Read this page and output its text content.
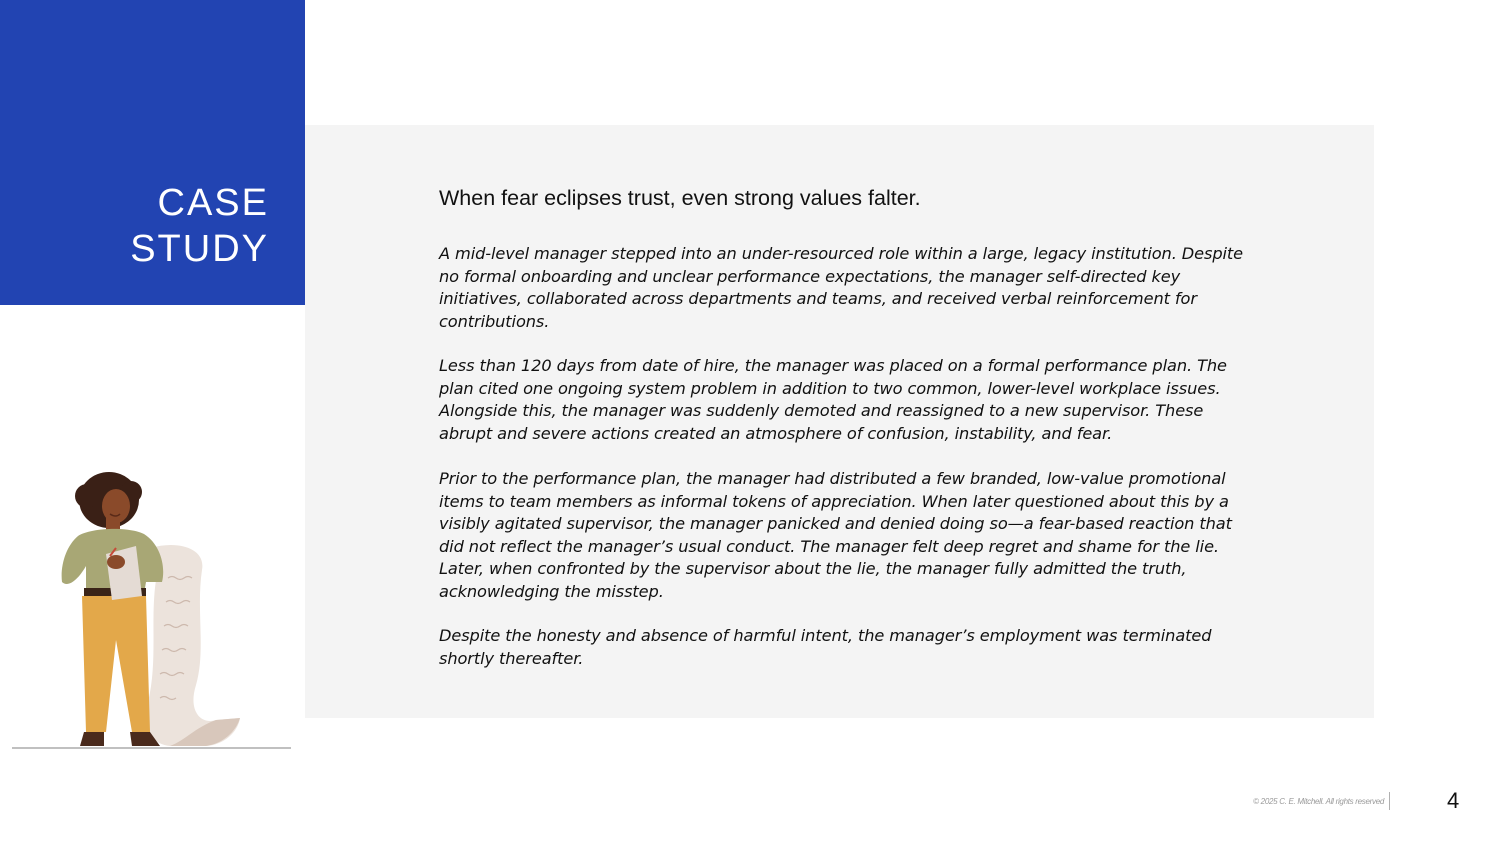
CASE
STUDY

When fear eclipses trust, even strong values falter.

A mid-level manager stepped into an under-resourced role within a large, legacy institution. Despite no formal onboarding and unclear performance expectations, the manager self-directed key initiatives, collaborated across departments and teams, and received verbal reinforcement for contributions.

Less than 120 days from date of hire, the manager was placed on a formal performance plan. The plan cited one ongoing system problem in addition to two common, lower-level workplace issues. Alongside this, the manager was suddenly demoted and reassigned to a new supervisor. These abrupt and severe actions created an atmosphere of confusion, instability, and fear.

Prior to the performance plan, the manager had distributed a few branded, low-value promotional items to team members as informal tokens of appreciation. When later questioned about this by a visibly agitated supervisor, the manager panicked and denied doing so—a fear-based reaction that did not reflect the manager’s usual conduct. The manager felt deep regret and shame for the lie. Later, when confronted by the supervisor about the lie, the manager fully admitted the truth, acknowledging the misstep.

Despite the honesty and absence of harmful intent, the manager’s employment was terminated shortly thereafter.

© 2025 C. E. Mitchell. All rights reserved	4
